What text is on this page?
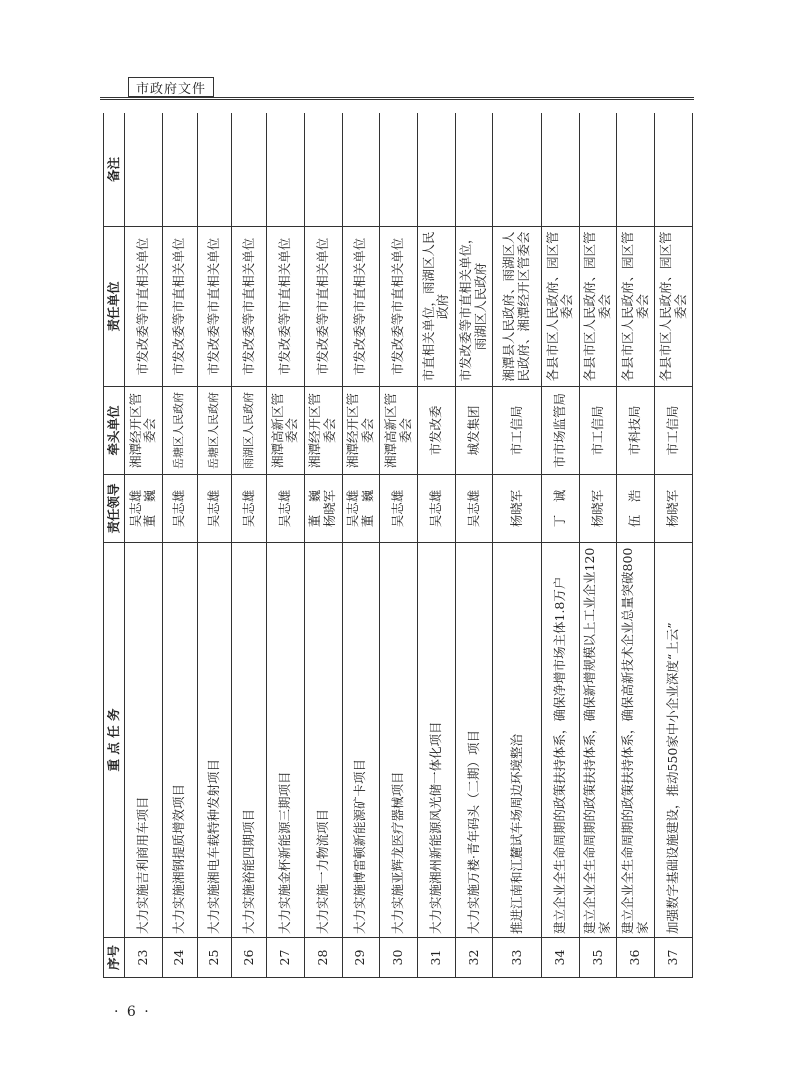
市政府文件
序号	重 点 任 务	责任领导	牵头单位	责任单位	备注
23	大力实施吉利商用车项目	吴志雄 董　巍	湘潭经开区管委会	市发改委等市直相关单位	
24	大力实施湘钢提质增效项目	吴志雄	岳塘区人民政府	市发改委等市直相关单位	
25	大力实施湘电车载特种发射项目	吴志雄	岳塘区人民政府	市发改委等市直相关单位	
26	大力实施裕能四期项目	吴志雄	雨湖区人民政府	市发改委等市直相关单位	
27	大力实施金杯新能源三期项目	吴志雄	湘潭高新区管委会	市发改委等市直相关单位	
28	大力实施一力物流项目	董　巍 杨晓军	湘潭经开区管委会	市发改委等市直相关单位	
29	大力实施博雷顿新能源矿卡项目	吴志雄 董　巍	湘潭经开区管委会	市发改委等市直相关单位	
30	大力实施亚辉龙医疗器械项目	吴志雄	湘潭高新区管委会	市发改委等市直相关单位	
31	大力实施湘州新能源风光储一体化项目	吴志雄	市发改委	市直相关单位，雨湖区人民政府	
32	大力实施万楼·青年码头（二期）项目	吴志雄	城发集团	市发改委等市直相关单位，雨湖区人民政府	
33	推进江南和江麓试车场周边环境整治	杨晓军	市工信局	湘潭县人民政府、雨湖区人民政府、湘潭经开区管委会	
34	建立企业全生命周期的政策扶持体系，确保净增市场主体1.8万户	丁　诚	市市场监管局	各县市区人民政府、园区管委会	
35	建立企业全生命周期的政策扶持体系，确保新增规模以上工业企业120家	杨晓军	市工信局	各县市区人民政府、园区管委会	
36	建立企业全生命周期的政策扶持体系，确保高新技术企业总量突破800家	伍　浩	市科技局	各县市区人民政府、园区管委会	
37	加强数字基础设施建设，推动550家中小企业深度“上云”	杨晓军	市工信局	各县市区人民政府、园区管委会	
· 6 ·
